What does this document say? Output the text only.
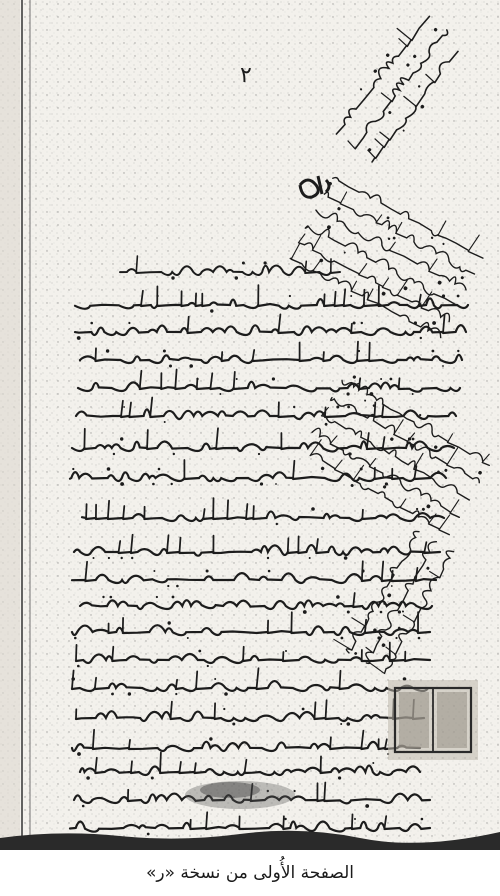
٢
الصفحة الأُولى من نسخة «ر»
